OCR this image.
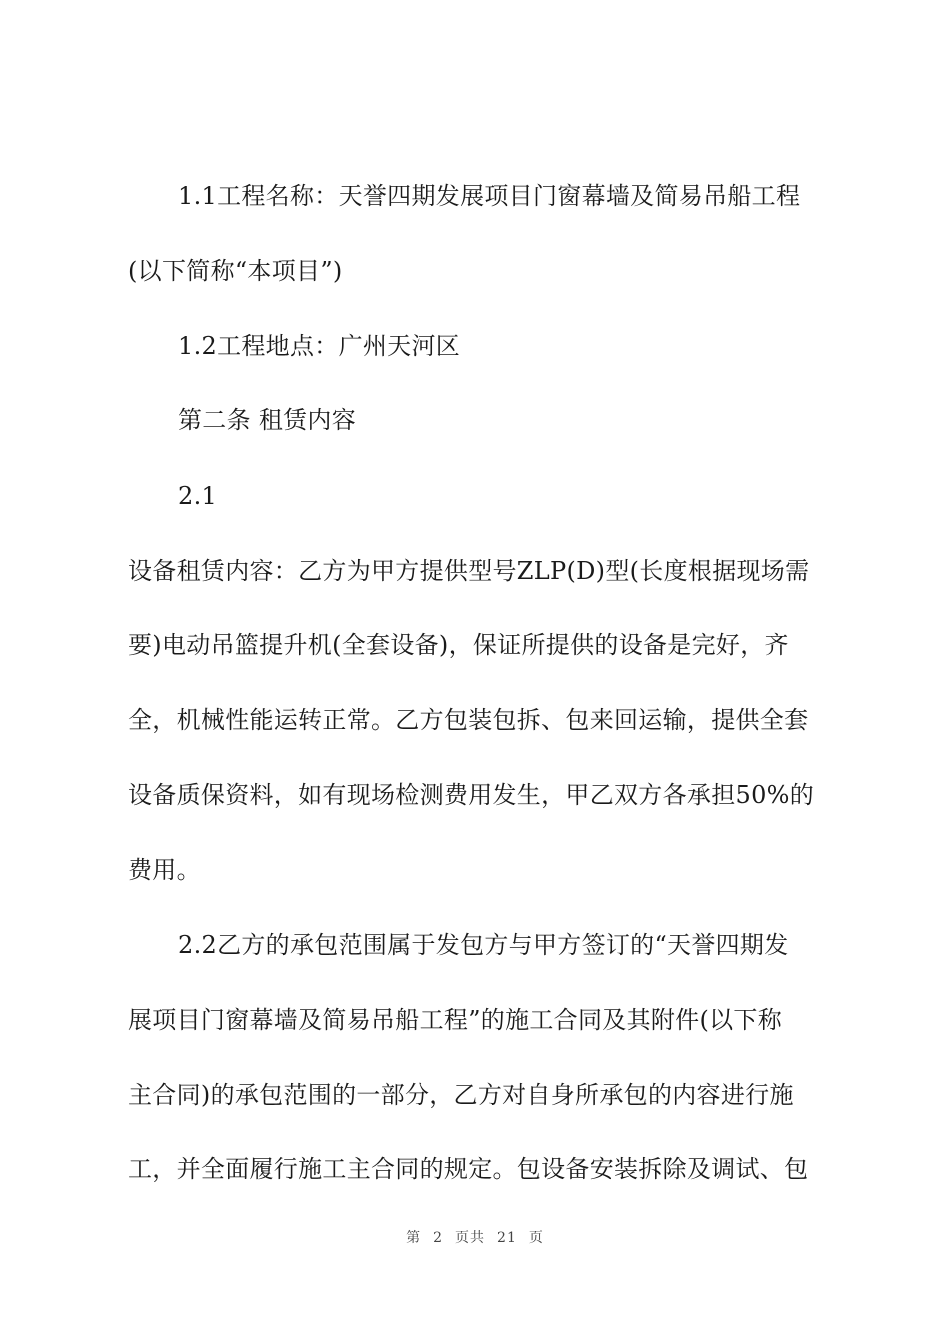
1.1工程名称：天誉四期发展项目门窗幕墙及简易吊船工程
(以下简称“本项目”)
1.2工程地点：广州天河区
第二条 租赁内容
2.1
设备租赁内容：乙方为甲方提供型号ZLP(D)型(长度根据现场需
要)电动吊篮提升机(全套设备)，保证所提供的设备是完好，齐
全，机械性能运转正常。乙方包装包拆、包来回运输，提供全套
设备质保资料，如有现场检测费用发生，甲乙双方各承担50%的
费用。
2.2乙方的承包范围属于发包方与甲方签订的“天誉四期发
展项目门窗幕墙及简易吊船工程”的施工合同及其附件(以下称
主合同)的承包范围的一部分，乙方对自身所承包的内容进行施
工，并全面履行施工主合同的规定。包设备安装拆除及调试、包
第 2 页共 21 页
